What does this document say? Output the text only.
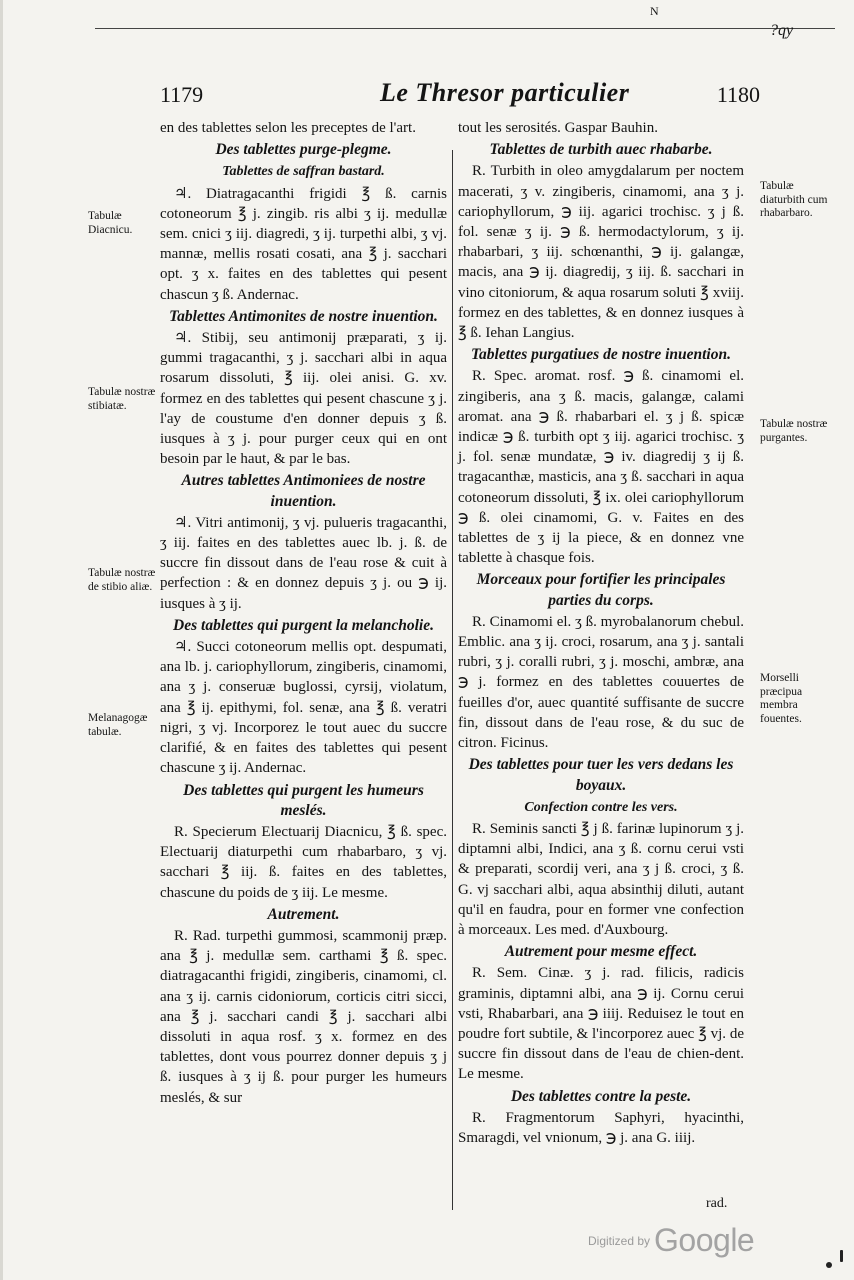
N
?qy
1179	Le Thresor particulier	1180
en des tablettes selon les preceptes de l'art.
Des tablettes purge-plegme.
Tablettes de saffran bastard.
♃. Diatragacanthi frigidi ℥ ß. carnis cotoneorum ℥ j. zingib. ris albi ʒ ij. medullæ sem. cnici ʒ iij. diagredi, ʒ ij. turpethi albi, ʒ vj. mannæ, mellis rosati cosati, ana ℥ j. sacchari opt. ʒ x. faites en des tablettes qui pesent chascun ʒ ß. Andernac.
Tablettes Antimonites de nostre inuention.
♃. Stibij, seu antimonij præparati, ʒ ij. gummi tragacanthi, ʒ j. sacchari albi in aqua rosarum dissoluti, ℥ iij. olei anisi. G. xv. formez en des tablettes qui pesent chascune ʒ j. l'ay de coustume d'en donner depuis ʒ ß. iusques à ʒ j. pour purger ceux qui en ont besoin par le haut, & par le bas.
Autres tablettes Antimoniees de nostre inuention.
♃. Vitri antimonij, ʒ vj. pulueris tragacanthi, ʒ iij. faites en des tablettes auec lb. j. ß. de succre fin dissout dans de l'eau rose & cuit à perfection : & en donnez depuis ʒ j. ou ℈ ij. iusques à ʒ ij.
Des tablettes qui purgent la melancholie.
♃. Succi cotoneorum mellis opt. despumati, ana lb. j. cariophyllorum, zingiberis, cinamomi, ana ʒ j. conseruæ buglossi, cyrsij, violatum, ana ℥ ij. epithymi, fol. senæ, ana ℥ ß. veratri nigri, ʒ vj. Incorporez le tout auec du succre clarifié, & en faites des tablettes qui pesent chascune ʒ ij. Andernac.
Des tablettes qui purgent les humeurs meslés.
R. Specierum Electuarij Diacnicu, ℥ ß. spec. Electuarij diaturpethi cum rhabarbaro, ʒ vj. sacchari ℥ iij. ß. faites en des tablettes, chascune du poids de ʒ iij. Le mesme.
Autrement.
R. Rad. turpethi gummosi, scammonij præp. ana ℥ j. medullæ sem. carthami ℥ ß. spec. diatragacanthi frigidi, zingiberis, cinamomi, cl. ana ʒ ij. carnis cidoniorum, corticis citri sicci, ana ℥ j. sacchari candi ℥ j. sacchari albi dissoluti in aqua rosf. ʒ x. formez en des tablettes, dont vous pourrez donner depuis ʒ j ß. iusques à ʒ ij ß. pour purger les humeurs meslés, & sur
tout les serosités. Gaspar Bauhin.
Tablettes de turbith auec rhabarbe.
R. Turbith in oleo amygdalarum per noctem macerati, ʒ v. zingiberis, cinamomi, ana ʒ j. cariophyllorum, ℈ iij. agarici trochisc. ʒ j ß. fol. senæ ʒ ij. ℈ ß. hermodactylorum, ʒ ij. rhabarbari, ʒ iij. schœnanthi, ℈ ij. galangæ, macis, ana ℈ ij. diagredij, ʒ iij. ß. sacchari in vino citoniorum, & aqua rosarum soluti ℥ xviij. formez en des tablettes, & en donnez iusques à ℥ ß. Iehan Langius.
Tablettes purgatiues de nostre inuention.
R. Spec. aromat. rosf. ℈ ß. cinamomi el. zingiberis, ana ʒ ß. macis, galangæ, calami aromat. ana ℈ ß. rhabarbari el. ʒ j ß. spicæ indicæ ℈ ß. turbith opt ʒ iij. agarici trochisc. ʒ j. fol. senæ mundatæ, ℈ iv. diagredij ʒ ij ß. tragacanthæ, masticis, ana ʒ ß. sacchari in aqua cotoneorum dissoluti, ℥ ix. olei cariophyllorum ℈ ß. olei cinamomi, G. v. Faites en des tablettes de ʒ ij la piece, & en donnez vne tablette à chasque fois.
Morceaux pour fortifier les principales parties du corps.
R. Cinamomi el. ʒ ß. myrobalanorum chebul. Emblic. ana ʒ ij. croci, rosarum, ana ʒ j. santali rubri, ʒ j. coralli rubri, ʒ j. moschi, ambræ, ana ℈ j. formez en des tablettes couuertes de fueilles d'or, auec quantité suffisante de succre fin, dissout dans de l'eau rose, & du suc de citron. Ficinus.
Des tablettes pour tuer les vers dedans les boyaux.
Confection contre les vers.
R. Seminis sancti ℥ j ß. farinæ lupinorum ʒ j. diptamni albi, Indici, ana ʒ ß. cornu cerui vsti & preparati, scordij veri, ana ʒ j ß. croci, ʒ ß. G. vj sacchari albi, aqua absinthij diluti, autant qu'il en faudra, pour en former vne confection à morceaux. Les med. d'Auxbourg.
Autrement pour mesme effect.
R. Sem. Cinæ. ʒ j. rad. filicis, radicis graminis, diptamni albi, ana ℈ ij. Cornu cerui vsti, Rhabarbari, ana ℈ iiij. Reduisez le tout en poudre fort subtile, & l'incorporez auec ℥ vj. de succre fin dissout dans de l'eau de chien-dent. Le mesme.
Des tablettes contre la peste.
R. Fragmentorum Saphyri, hyacinthi, Smaragdi, vel vnionum, ℈ j. ana G. iiij.
Tabulæ Diacnicu.
Tabulæ nostræ stibiatæ.
Tabulæ nostræ de stibio aliæ.
Melanagogæ tabulæ.
Tabulæ diaturbith cum rhabarbaro.
Tabulæ nostræ purgantes.
Morselli præcipua membra fouentes.
rad.
$^{Digitized by}$ Google
